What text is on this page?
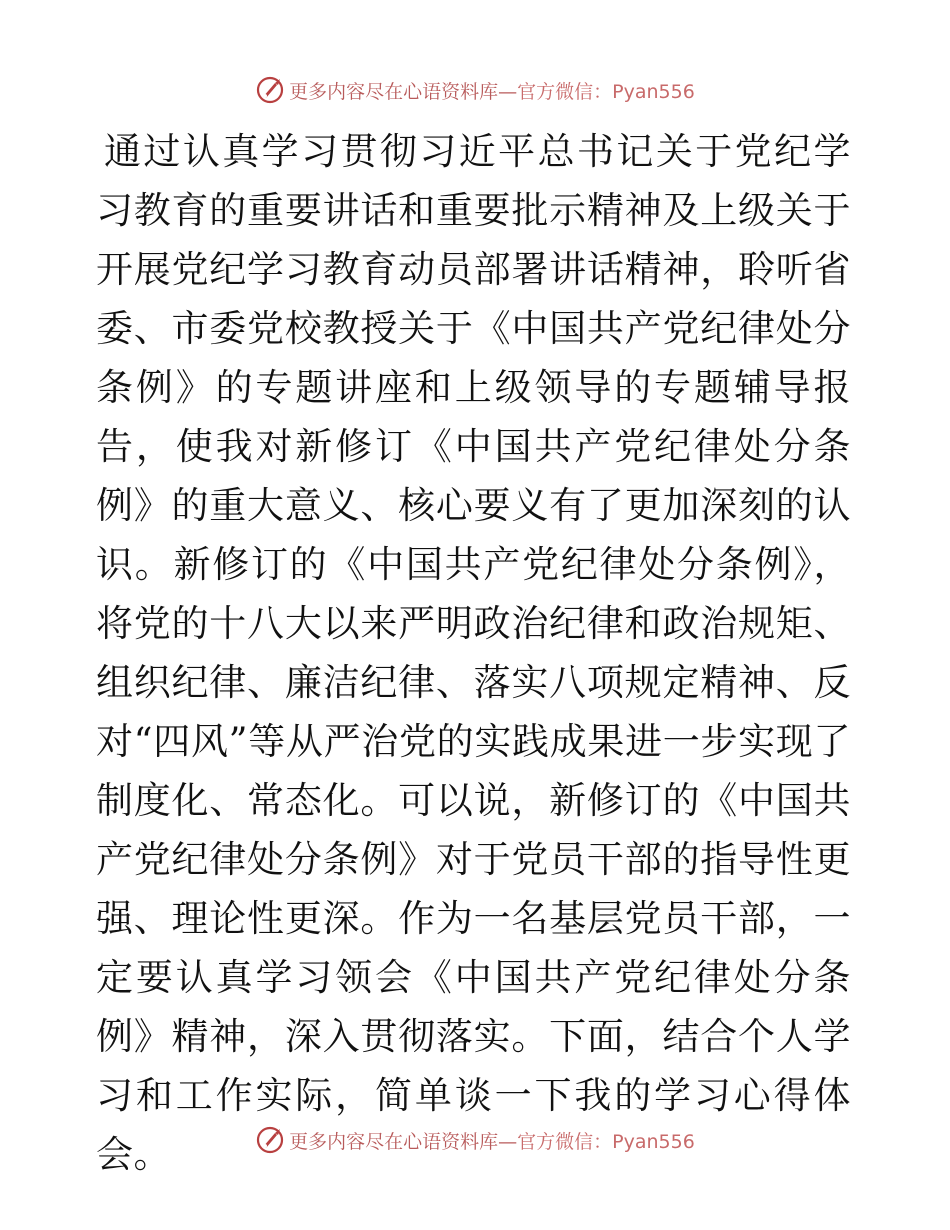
更多内容尽在心语资料库—官方微信：Pyan556

通过认真学习贯彻习近平总书记关于党纪学习教育的重要讲话和重要批示精神及上级关于开展党纪学习教育动员部署讲话精神，聆听省委、市委党校教授关于《中国共产党纪律处分条例》的专题讲座和上级领导的专题辅导报告，使我对新修订《中国共产党纪律处分条例》的重大意义、核心要义有了更加深刻的认识。新修订的《中国共产党纪律处分条例》，将党的十八大以来严明政治纪律和政治规矩、组织纪律、廉洁纪律、落实八项规定精神、反对“四风”等从严治党的实践成果进一步实现了制度化、常态化。可以说，新修订的《中国共产党纪律处分条例》对于党员干部的指导性更强、理论性更深。作为一名基层党员干部，一定要认真学习领会《中国共产党纪律处分条例》精神，深入贯彻落实。下面，结合个人学习和工作实际，简单谈一下我的学习心得体会。	更多内容尽在心语资料库—官方微信：Pyan556
